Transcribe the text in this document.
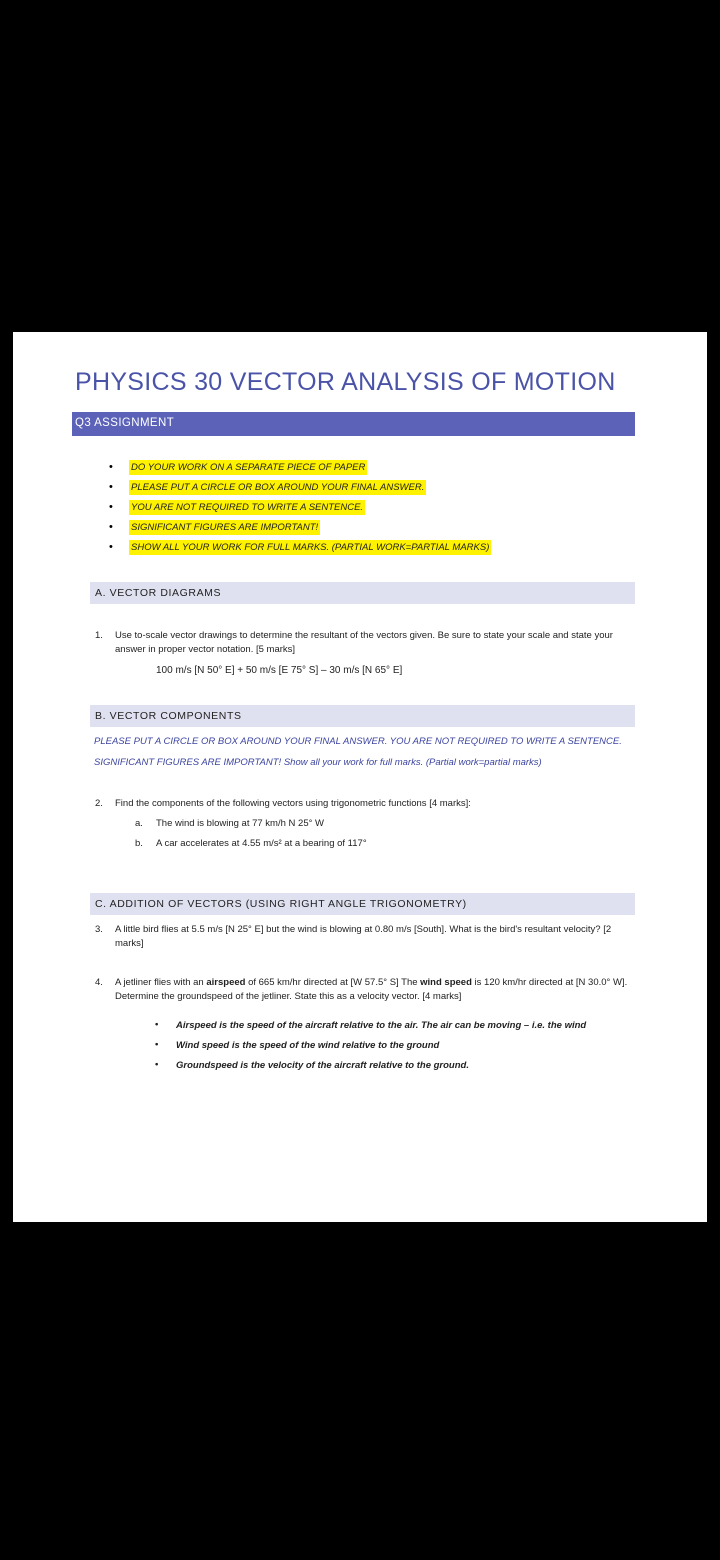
PHYSICS 30 VECTOR ANALYSIS OF MOTION
Q3 ASSIGNMENT
• DO YOUR WORK ON A SEPARATE PIECE OF PAPER
• PLEASE PUT A CIRCLE OR BOX AROUND YOUR FINAL ANSWER.
• YOU ARE NOT REQUIRED TO WRITE A SENTENCE.
• SIGNIFICANT FIGURES ARE IMPORTANT!
• SHOW ALL YOUR WORK FOR FULL MARKS. (PARTIAL WORK=PARTIAL MARKS)
A. VECTOR DIAGRAMS
1. Use to-scale vector drawings to determine the resultant of the vectors given. Be sure to state your scale and state your answer in proper vector notation. [5 marks]
100 m/s [N 50° E] + 50 m/s [E 75° S] – 30 m/s [N 65° E]
B. VECTOR COMPONENTS
PLEASE PUT A CIRCLE OR BOX AROUND YOUR FINAL ANSWER. YOU ARE NOT REQUIRED TO WRITE A SENTENCE.
SIGNIFICANT FIGURES ARE IMPORTANT! Show all your work for full marks. (Partial work=partial marks)
2. Find the components of the following vectors using trigonometric functions [4 marks]:
a. The wind is blowing at 77 km/h N 25° W
b. A car accelerates at 4.55 m/s² at a bearing of 117°
C. ADDITION OF VECTORS (USING RIGHT ANGLE TRIGONOMETRY)
3. A little bird flies at 5.5 m/s [N 25° E] but the wind is blowing at 0.80 m/s [South]. What is the bird's resultant velocity? [2 marks]
4. A jetliner flies with an airspeed of 665 km/hr directed at [W 57.5° S] The wind speed is 120 km/hr directed at [N 30.0° W]. Determine the groundspeed of the jetliner. State this as a velocity vector. [4 marks]
• Airspeed is the speed of the aircraft relative to the air. The air can be moving – i.e. the wind
• Wind speed is the speed of the wind relative to the ground
• Groundspeed is the velocity of the aircraft relative to the ground.
